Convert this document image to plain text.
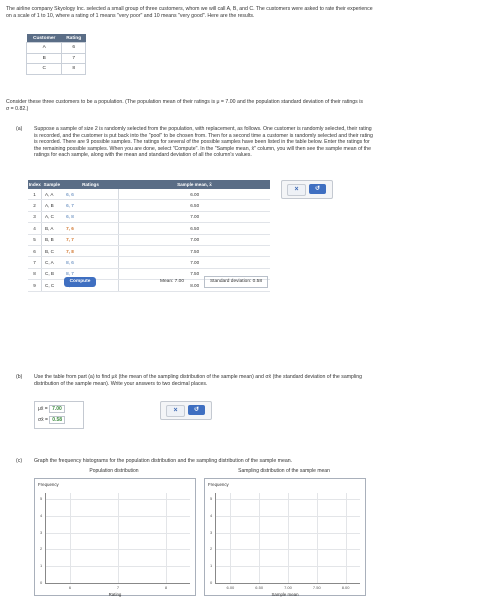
The airline company Skyology Inc. selected a small group of three customers, whom we will call A, B, and C. The customers were asked to rate their experience
on a scale of 1 to 10, where a rating of 1 means "very poor" and 10 means "very good". Here are the results.
Customer	Rating
A	6
B	7
C	8
Consider these three customers to be a population. (The population mean of their ratings is μ = 7.00 and the population standard deviation of their ratings is
σ = 0.82.)
(a) Suppose a sample of size 2 is randomly selected from the population, with replacement, as follows. One customer is randomly selected, their rating
is recorded, and the customer is put back into the "pool" to be chosen from. Then for a second time a customer is randomly selected and their rating
is recorded. There are 9 possible samples. The ratings for several of the possible samples have been listed in the table below. Enter the ratings for
the remaining possible samples. When you are done, select "Compute". In the "Sample mean, x̄" column, you will then see the sample mean of the
ratings for each sample, along with the mean and standard deviation of all the column's values.
Index	Sample	Ratings	Sample mean, x̄
1	A, A	6, 6	6.00
2	A, B	6, 7	6.50
3	A, C	6, 8	7.00
4	B, A	7, 6	6.50
5	B, B	7, 7	7.00
6	B, C	7, 8	7.50
7	C, A	8, 6	7.00
8	C, B	8, 7	7.50
9	C, C		8.00
Compute	Mean: 7.00	Standard deviation: 0.58
×	↺
(b) Use the table from part (a) to find μx̄ (the mean of the sampling distribution of the sample mean) and σx̄ (the standard deviation of the sampling
distribution of the sample mean). Write your answers to two decimal places.
μx̄ = 7.00
σx̄ = 0.58
×	↺
(c) Graph the frequency histograms for the population distribution and the sampling distribution of the sample mean.
Population distribution	Sampling distribution of the sample mean
Frequency
0
1
2
3
4
5
6	7	8
Rating
Frequency
0
1
2
3
4
5
6.00	6.50	7.00	7.50	8.00
Sample mean
